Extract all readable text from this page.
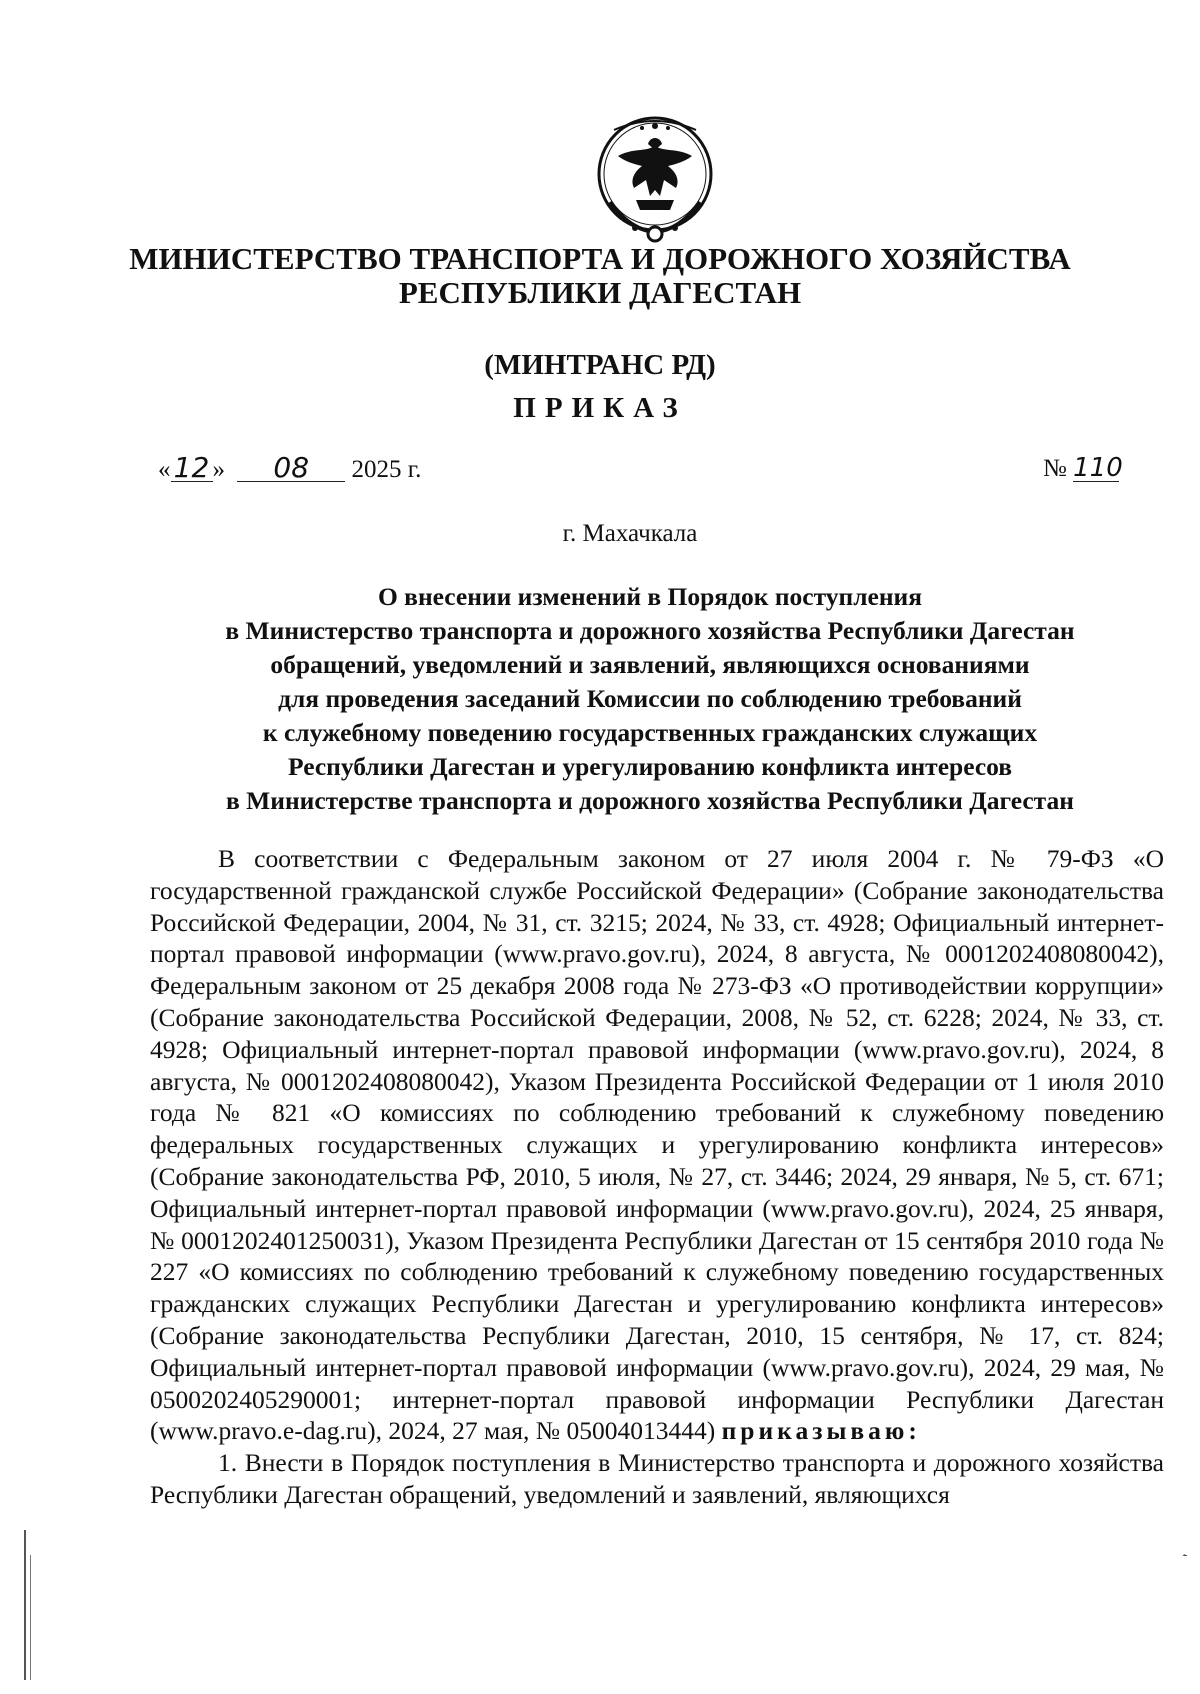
МИНИСТЕРСТВО ТРАНСПОРТА И ДОРОЖНОГО ХОЗЯЙСТВА
РЕСПУБЛИКИ ДАГЕСТАН
(МИНТРАНС РД)
ПРИКАЗ
« 12 » 08 2025 г.	№ 110
г. Махачкала
О внесении изменений в Порядок поступления
в Министерство транспорта и дорожного хозяйства Республики Дагестан
обращений, уведомлений и заявлений, являющихся основаниями
для проведения заседаний Комиссии по соблюдению требований
к служебному поведению государственных гражданских служащих
Республики Дагестан и урегулированию конфликта интересов
в Министерстве транспорта и дорожного хозяйства Республики Дагестан

В соответствии с Федеральным законом от 27 июля 2004 г. № 79-ФЗ «О государственной гражданской службе Российской Федерации» (Собрание законодательства Российской Федерации, 2004, № 31, ст. 3215; 2024, № 33, ст. 4928; Официальный интернет-портал правовой информации (www.pravo.gov.ru), 2024, 8 августа, № 0001202408080042), Федеральным законом от 25 декабря 2008 года № 273-ФЗ «О противодействии коррупции» (Собрание законодательства Российской Федерации, 2008, № 52, ст. 6228; 2024, № 33, ст. 4928; Официальный интернет-портал правовой информации (www.pravo.gov.ru), 2024, 8 августа, № 0001202408080042), Указом Президента Российской Федерации от 1 июля 2010 года № 821 «О комиссиях по соблюдению требований к служебному поведению федеральных государственных служащих и урегулированию конфликта интересов» (Собрание законодательства РФ, 2010, 5 июля, № 27, ст. 3446; 2024, 29 января, № 5, ст. 671; Официальный интернет-портал правовой информации (www.pravo.gov.ru), 2024, 25 января, № 0001202401250031), Указом Президента Республики Дагестан от 15 сентября 2010 года № 227 «О комиссиях по соблюдению требований к служебному поведению государственных гражданских служащих Республики Дагестан и урегулированию конфликта интересов» (Собрание законодательства Республики Дагестан, 2010, 15 сентября, № 17, ст. 824; Официальный интернет-портал правовой информации (www.pravo.gov.ru), 2024, 29 мая, № 0500202405290001; интернет-портал правовой информации Республики Дагестан (www.pravo.e-dag.ru), 2024, 27 мая, № 05004013444) приказываю:

1. Внести в Порядок поступления в Министерство транспорта и дорожного хозяйства Республики Дагестан обращений, уведомлений и заявлений, являющихся

ˏ
